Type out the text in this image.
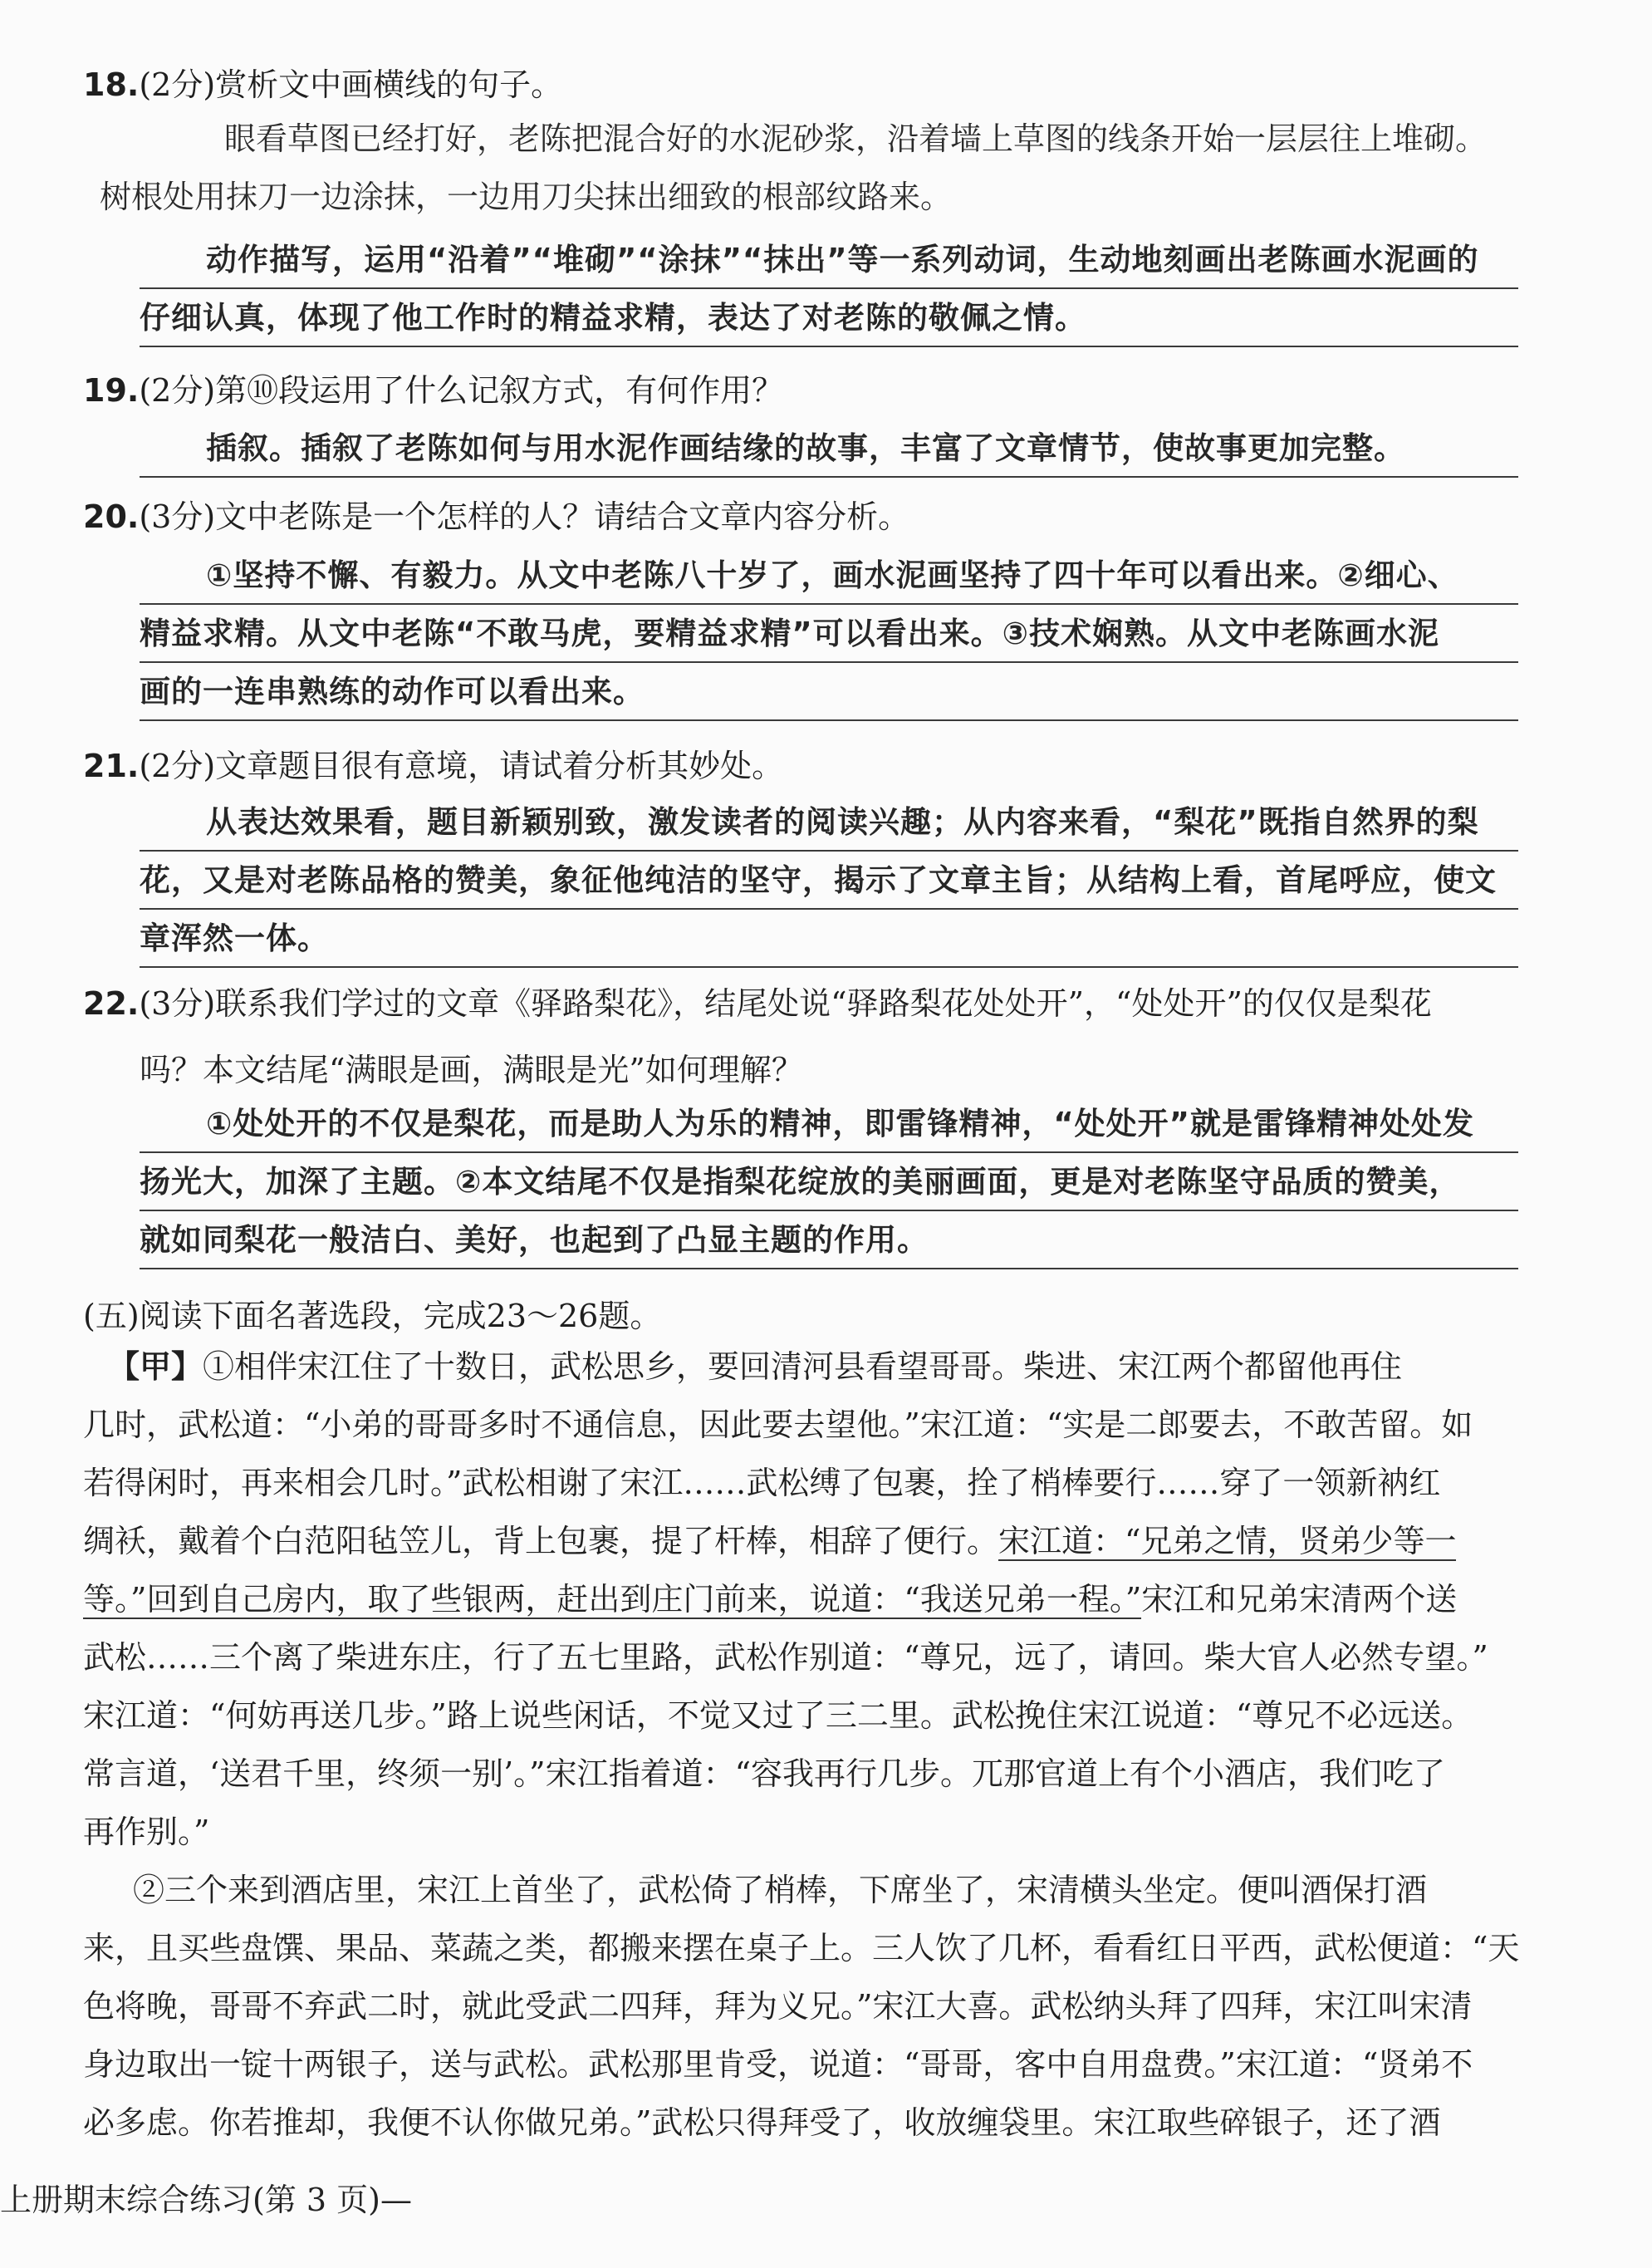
18.(2分)赏析文中画横线的句子。

眼看草图已经打好，老陈把混合好的水泥砂浆，沿着墙上草图的线条开始一层层往上堆砌。

树根处用抹刀一边涂抹，一边用刀尖抹出细致的根部纹路来。

动作描写，运用“沿着”“堆砌”“涂抹”“抹出”等一系列动词，生动地刻画出老陈画水泥画的
仔细认真，体现了他工作时的精益求精，表达了对老陈的敬佩之情。
19.(2分)第⑩段运用了什么记叙方式，有何作用？
插叙。插叙了老陈如何与用水泥作画结缘的故事，丰富了文章情节，使故事更加完整。
20.(3分)文中老陈是一个怎样的人？请结合文章内容分析。
①坚持不懈、有毅力。从文中老陈八十岁了，画水泥画坚持了四十年可以看出来。②细心、
精益求精。从文中老陈“不敢马虎，要精益求精”可以看出来。③技术娴熟。从文中老陈画水泥
画的一连串熟练的动作可以看出来。
21.(2分)文章题目很有意境，请试着分析其妙处。
从表达效果看，题目新颖别致，激发读者的阅读兴趣；从内容来看，“梨花”既指自然界的梨
花，又是对老陈品格的赞美，象征他纯洁的坚守，揭示了文章主旨；从结构上看，首尾呼应，使文
章浑然一体。
22.(3分)联系我们学过的文章《驿路梨花》，结尾处说“驿路梨花处处开”，“处处开”的仅仅是梨花
吗？本文结尾“满眼是画，满眼是光”如何理解？
①处处开的不仅是梨花，而是助人为乐的精神，即雷锋精神，“处处开”就是雷锋精神处处发
扬光大，加深了主题。②本文结尾不仅是指梨花绽放的美丽画面，更是对老陈坚守品质的赞美，
就如同梨花一般洁白、美好，也起到了凸显主题的作用。
(五)阅读下面名著选段，完成23～26题。

【甲】①相伴宋江住了十数日，武松思乡，要回清河县看望哥哥。柴进、宋江两个都留他再住

几时，武松道：“小弟的哥哥多时不通信息，因此要去望他。”宋江道：“实是二郎要去，不敢苦留。如

若得闲时，再来相会几时。”武松相谢了宋江……武松缚了包裹，拴了梢棒要行……穿了一领新衲红

绸袄，戴着个白范阳毡笠儿，背上包裹，提了杆棒，相辞了便行。宋江道：“兄弟之情，贤弟少等一

等。”回到自己房内，取了些银两，赶出到庄门前来，说道：“我送兄弟一程。”宋江和兄弟宋清两个送

武松……三个离了柴进东庄，行了五七里路，武松作别道：“尊兄，远了，请回。柴大官人必然专望。”

宋江道：“何妨再送几步。”路上说些闲话，不觉又过了三二里。武松挽住宋江说道：“尊兄不必远送。

常言道，‘送君千里，终须一别’。”宋江指着道：“容我再行几步。兀那官道上有个小酒店，我们吃了

再作别。”

②三个来到酒店里，宋江上首坐了，武松倚了梢棒，下席坐了，宋清横头坐定。便叫酒保打酒

来，且买些盘馔、果品、菜蔬之类，都搬来摆在桌子上。三人饮了几杯，看看红日平西，武松便道：“天

色将晚，哥哥不弃武二时，就此受武二四拜，拜为义兄。”宋江大喜。武松纳头拜了四拜，宋江叫宋清

身边取出一锭十两银子，送与武松。武松那里肯受，说道：“哥哥，客中自用盘费。”宋江道：“贤弟不

必多虑。你若推却，我便不认你做兄弟。”武松只得拜受了，收放缠袋里。宋江取些碎银子，还了酒

上册期末综合练习(第 3 页)—
